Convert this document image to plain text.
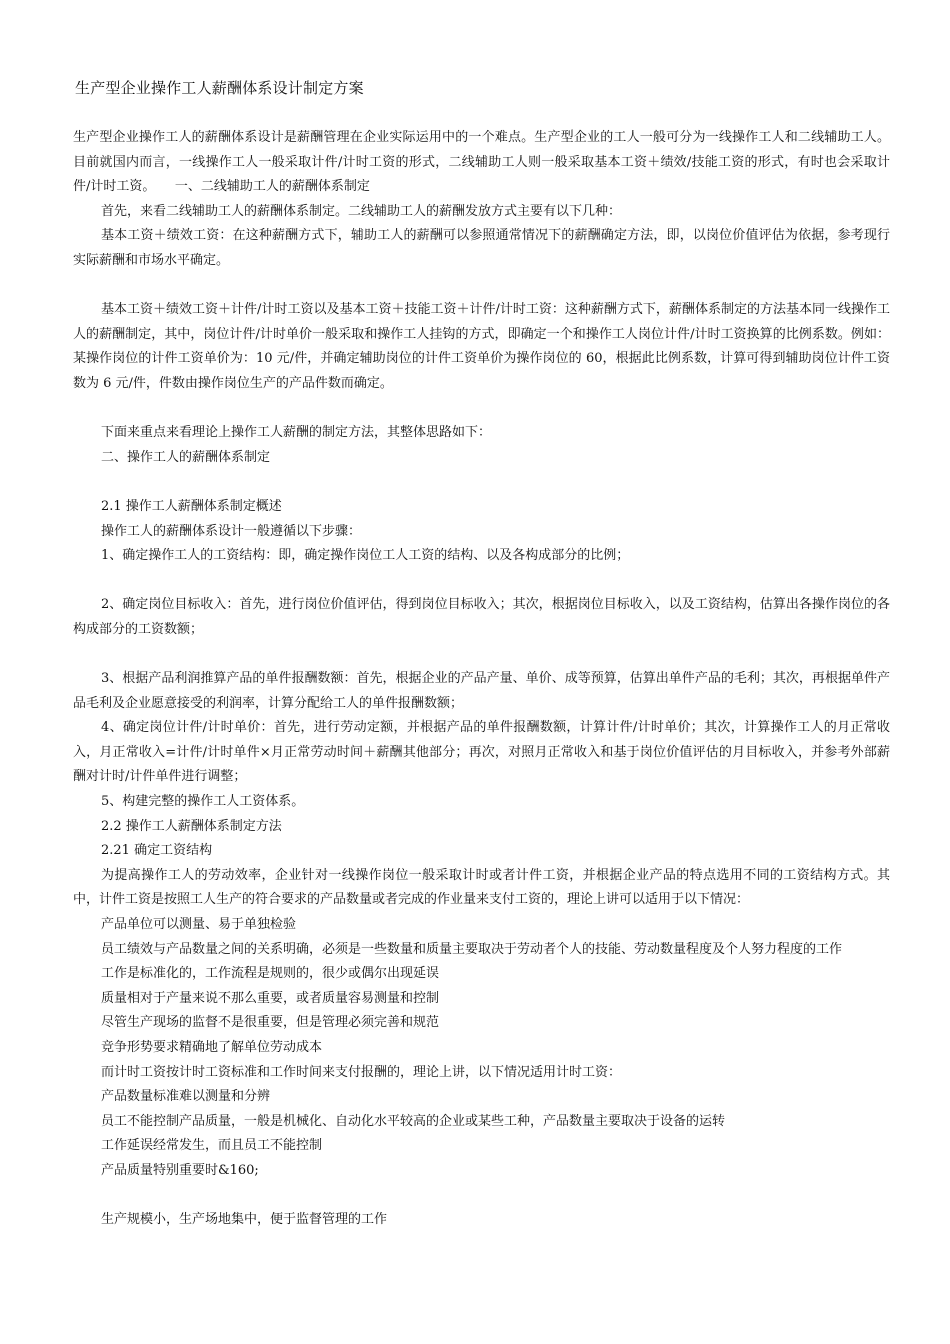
生产型企业操作工人薪酬体系设计制定方案

生产型企业操作工人的薪酬体系设计是薪酬管理在企业实际运用中的一个难点。生产型企业的工人一般可分为一线操作工人和二线辅助工人。目前就国内而言，一线操作工人一般采取计件/计时工资的形式，二线辅助工人则一般采取基本工资＋绩效/技能工资的形式，有时也会采取计件/计时工资。　　一、二线辅助工人的薪酬体系制定

首先，来看二线辅助工人的薪酬体系制定。二线辅助工人的薪酬发放方式主要有以下几种：

基本工资＋绩效工资：在这种薪酬方式下，辅助工人的薪酬可以参照通常情况下的薪酬确定方法，即，以岗位价值评估为依据，参考现行实际薪酬和市场水平确定。

基本工资＋绩效工资＋计件/计时工资以及基本工资＋技能工资＋计件/计时工资：这种薪酬方式下，薪酬体系制定的方法基本同一线操作工人的薪酬制定，其中，岗位计件/计时单价一般采取和操作工人挂钩的方式，即确定一个和操作工人岗位计件/计时工资换算的比例系数。例如：某操作岗位的计件工资单价为：10 元/件，并确定辅助岗位的计件工资单价为操作岗位的 60，根据此比例系数，计算可得到辅助岗位计件工资数为 6 元/件，件数由操作岗位生产的产品件数而确定。

下面来重点来看理论上操作工人薪酬的制定方法，其整体思路如下：

二、操作工人的薪酬体系制定

2.1 操作工人薪酬体系制定概述

操作工人的薪酬体系设计一般遵循以下步骤：

1、确定操作工人的工资结构：即，确定操作岗位工人工资的结构、以及各构成部分的比例；

2、确定岗位目标收入：首先，进行岗位价值评估，得到岗位目标收入；其次，根据岗位目标收入，以及工资结构，估算出各操作岗位的各构成部分的工资数额；

3、根据产品利润推算产品的单件报酬数额：首先，根据企业的产品产量、单价、成等预算，估算出单件产品的毛利；其次，再根据单件产品毛利及企业愿意接受的利润率，计算分配给工人的单件报酬数额；

4、确定岗位计件/计时单价：首先，进行劳动定额，并根据产品的单件报酬数额，计算计件/计时单价；其次，计算操作工人的月正常收入，月正常收入=计件/计时单件×月正常劳动时间＋薪酬其他部分；再次，对照月正常收入和基于岗位价值评估的月目标收入，并参考外部薪酬对计时/计件单件进行调整；

5、构建完整的操作工人工资体系。

2.2 操作工人薪酬体系制定方法

2.21 确定工资结构

为提高操作工人的劳动效率，企业针对一线操作岗位一般采取计时或者计件工资，并根据企业产品的特点选用不同的工资结构方式。其中，计件工资是按照工人生产的符合要求的产品数量或者完成的作业量来支付工资的，理论上讲可以适用于以下情况：

产品单位可以测量、易于单独检验

员工绩效与产品数量之间的关系明确，必须是一些数量和质量主要取决于劳动者个人的技能、劳动数量程度及个人努力程度的工作

工作是标准化的，工作流程是规则的，很少或偶尔出现延误

质量相对于产量来说不那么重要，或者质量容易测量和控制

尽管生产现场的监督不是很重要，但是管理必须完善和规范

竞争形势要求精确地了解单位劳动成本

而计时工资按计时工资标准和工作时间来支付报酬的，理论上讲，以下情况适用计时工资：

产品数量标准难以测量和分辨

员工不能控制产品质量，一般是机械化、自动化水平较高的企业或某些工种，产品数量主要取决于设备的运转

工作延误经常发生，而且员工不能控制

产品质量特别重要时&160;

生产规模小，生产场地集中，便于监督管理的工作
